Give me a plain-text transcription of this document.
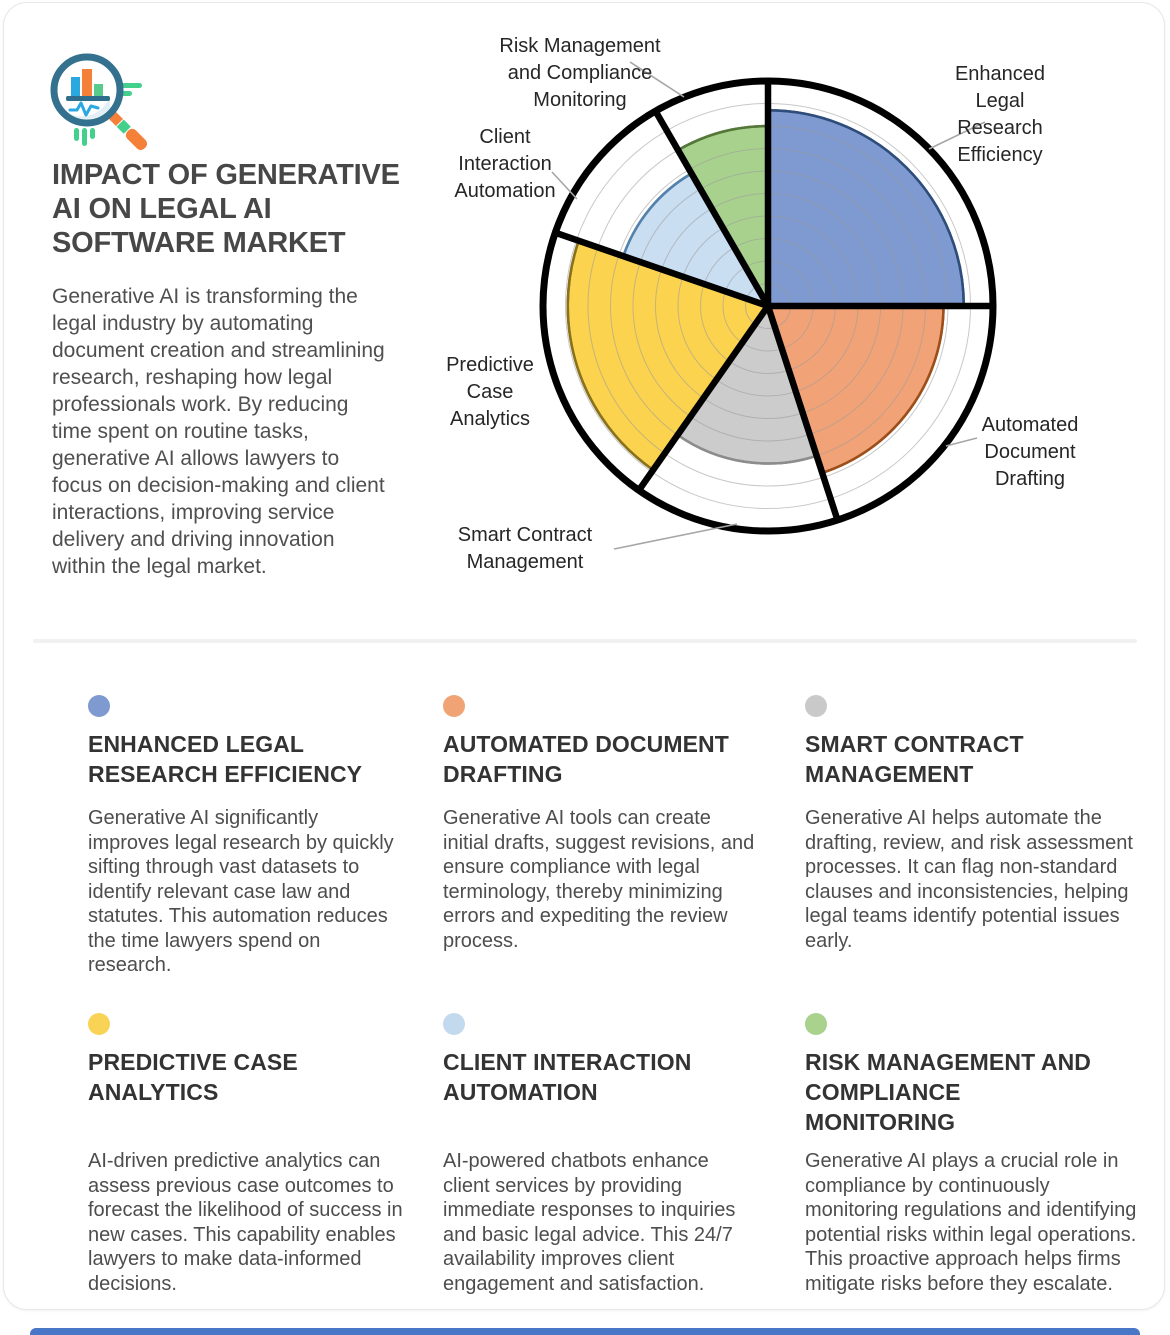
IMPACT OF GENERATIVE
AI ON LEGAL AI
SOFTWARE MARKET
Generative AI is transforming the legal industry by automating document creation and streamlining research, reshaping how legal professionals work. By reducing time spent on routine tasks, generative AI allows lawyers to focus on decision-making and client interactions, improving service delivery and driving innovation within the legal market.
Risk Management
and Compliance
Monitoring
Enhanced
Legal
Research
Efficiency
Client
Interaction
Automation
Predictive
Case
Analytics	Automated
Document
Drafting
Smart Contract
Management
ENHANCED LEGAL
RESEARCH EFFICIENCY

Generative AI significantly improves legal research by quickly sifting through vast datasets to identify relevant case law and statutes. This automation reduces the time lawyers spend on research.

AUTOMATED DOCUMENT
DRAFTING

Generative AI tools can create initial drafts, suggest revisions, and ensure compliance with legal terminology, thereby minimizing errors and expediting the review process.

SMART CONTRACT
MANAGEMENT

Generative AI helps automate the drafting, review, and risk assessment processes. It can flag non-standard clauses and inconsistencies, helping legal teams identify potential issues early.

PREDICTIVE CASE
ANALYTICS

AI-driven predictive analytics can assess previous case outcomes to forecast the likelihood of success in new cases. This capability enables lawyers to make data-informed decisions.

CLIENT INTERACTION
AUTOMATION

AI-powered chatbots enhance client services by providing immediate responses to inquiries and basic legal advice. This 24/7 availability improves client engagement and satisfaction.

RISK MANAGEMENT AND
COMPLIANCE
MONITORING

Generative AI plays a crucial role in compliance by continuously monitoring regulations and identifying potential risks within legal operations. This proactive approach helps firms mitigate risks before they escalate.
